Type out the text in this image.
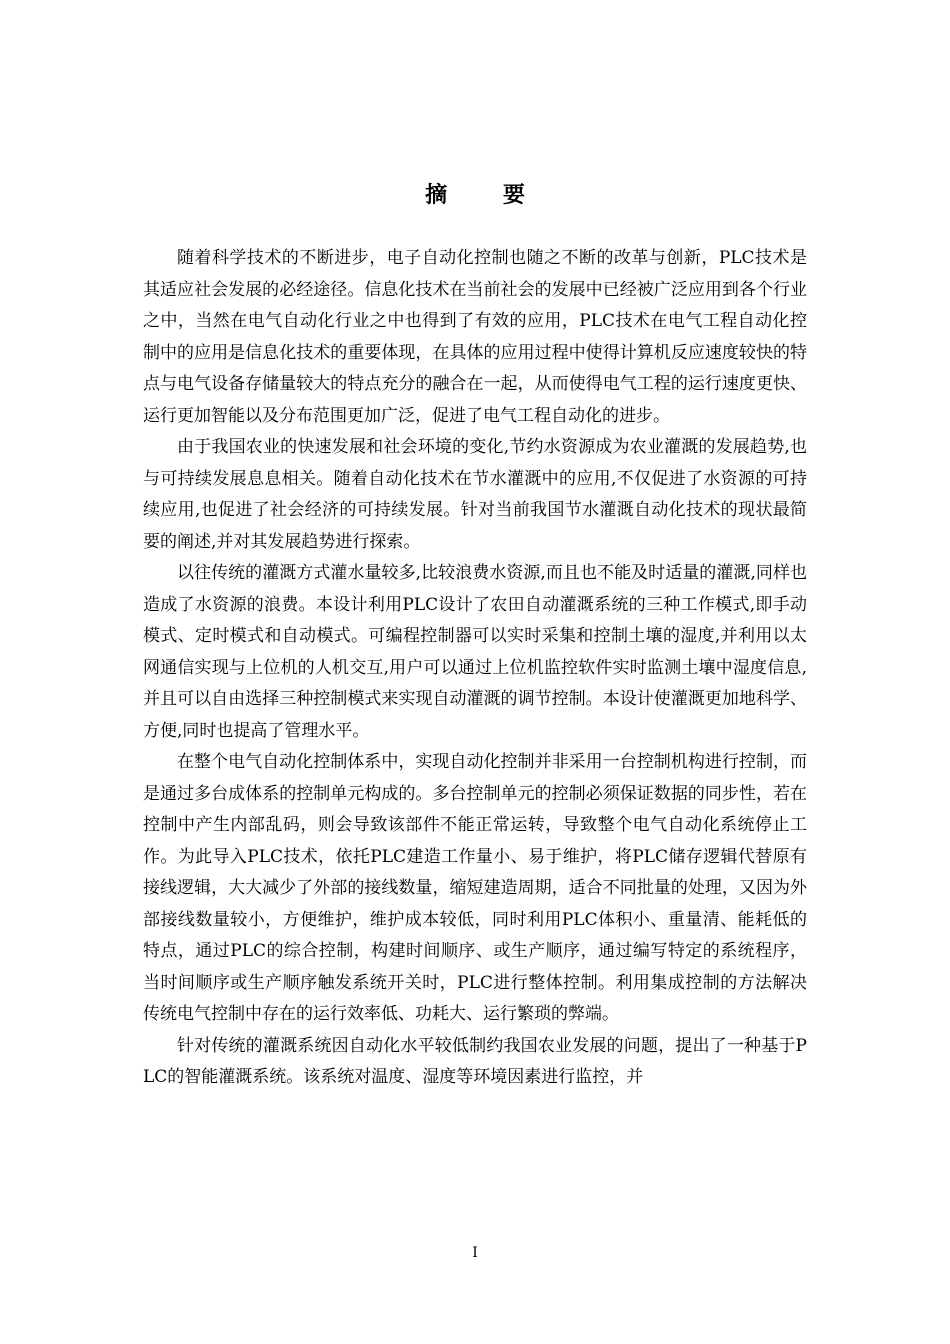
摘 要

随着科学技术的不断进步，电子自动化控制也随之不断的改革与创新，PLC技术是其适应社会发展的必经途径。信息化技术在当前社会的发展中已经被广泛应用到各个行业之中，当然在电气自动化行业之中也得到了有效的应用，PLC技术在电气工程自动化控制中的应用是信息化技术的重要体现，在具体的应用过程中使得计算机反应速度较快的特点与电气设备存储量较大的特点充分的融合在一起，从而使得电气工程的运行速度更快、运行更加智能以及分布范围更加广泛，促进了电气工程自动化的进步。

由于我国农业的快速发展和社会环境的变化,节约水资源成为农业灌溉的发展趋势,也与可持续发展息息相关。随着自动化技术在节水灌溉中的应用,不仅促进了水资源的可持续应用,也促进了社会经济的可持续发展。针对当前我国节水灌溉自动化技术的现状最简要的阐述,并对其发展趋势进行探索。

以往传统的灌溉方式灌水量较多,比较浪费水资源,而且也不能及时适量的灌溉,同样也造成了水资源的浪费。本设计利用PLC设计了农田自动灌溉系统的三种工作模式,即手动模式、定时模式和自动模式。可编程控制器可以实时采集和控制土壤的湿度,并利用以太网通信实现与上位机的人机交互,用户可以通过上位机监控软件实时监测土壤中湿度信息,并且可以自由选择三种控制模式来实现自动灌溉的调节控制。本设计使灌溉更加地科学、方便,同时也提高了管理水平。

在整个电气自动化控制体系中，实现自动化控制并非采用一台控制机构进行控制，而是通过多台成体系的控制单元构成的。多台控制单元的控制必须保证数据的同步性，若在控制中产生内部乱码，则会导致该部件不能正常运转，导致整个电气自动化系统停止工作。为此导入PLC技术，依托PLC建造工作量小、易于维护，将PLC储存逻辑代替原有接线逻辑，大大减少了外部的接线数量，缩短建造周期，适合不同批量的处理，又因为外部接线数量较小，方便维护，维护成本较低，同时利用PLC体积小、重量清、能耗低的特点，通过PLC的综合控制，构建时间顺序、或生产顺序，通过编写特定的系统程序，当时间顺序或生产顺序触发系统开关时，PLC进行整体控制。利用集成控制的方法解决传统电气控制中存在的运行效率低、功耗大、运行繁琐的弊端。

针对传统的灌溉系统因自动化水平较低制约我国农业发展的问题，提出了一种基于PLC的智能灌溉系统。该系统对温度、湿度等环境因素进行监控，并

I
